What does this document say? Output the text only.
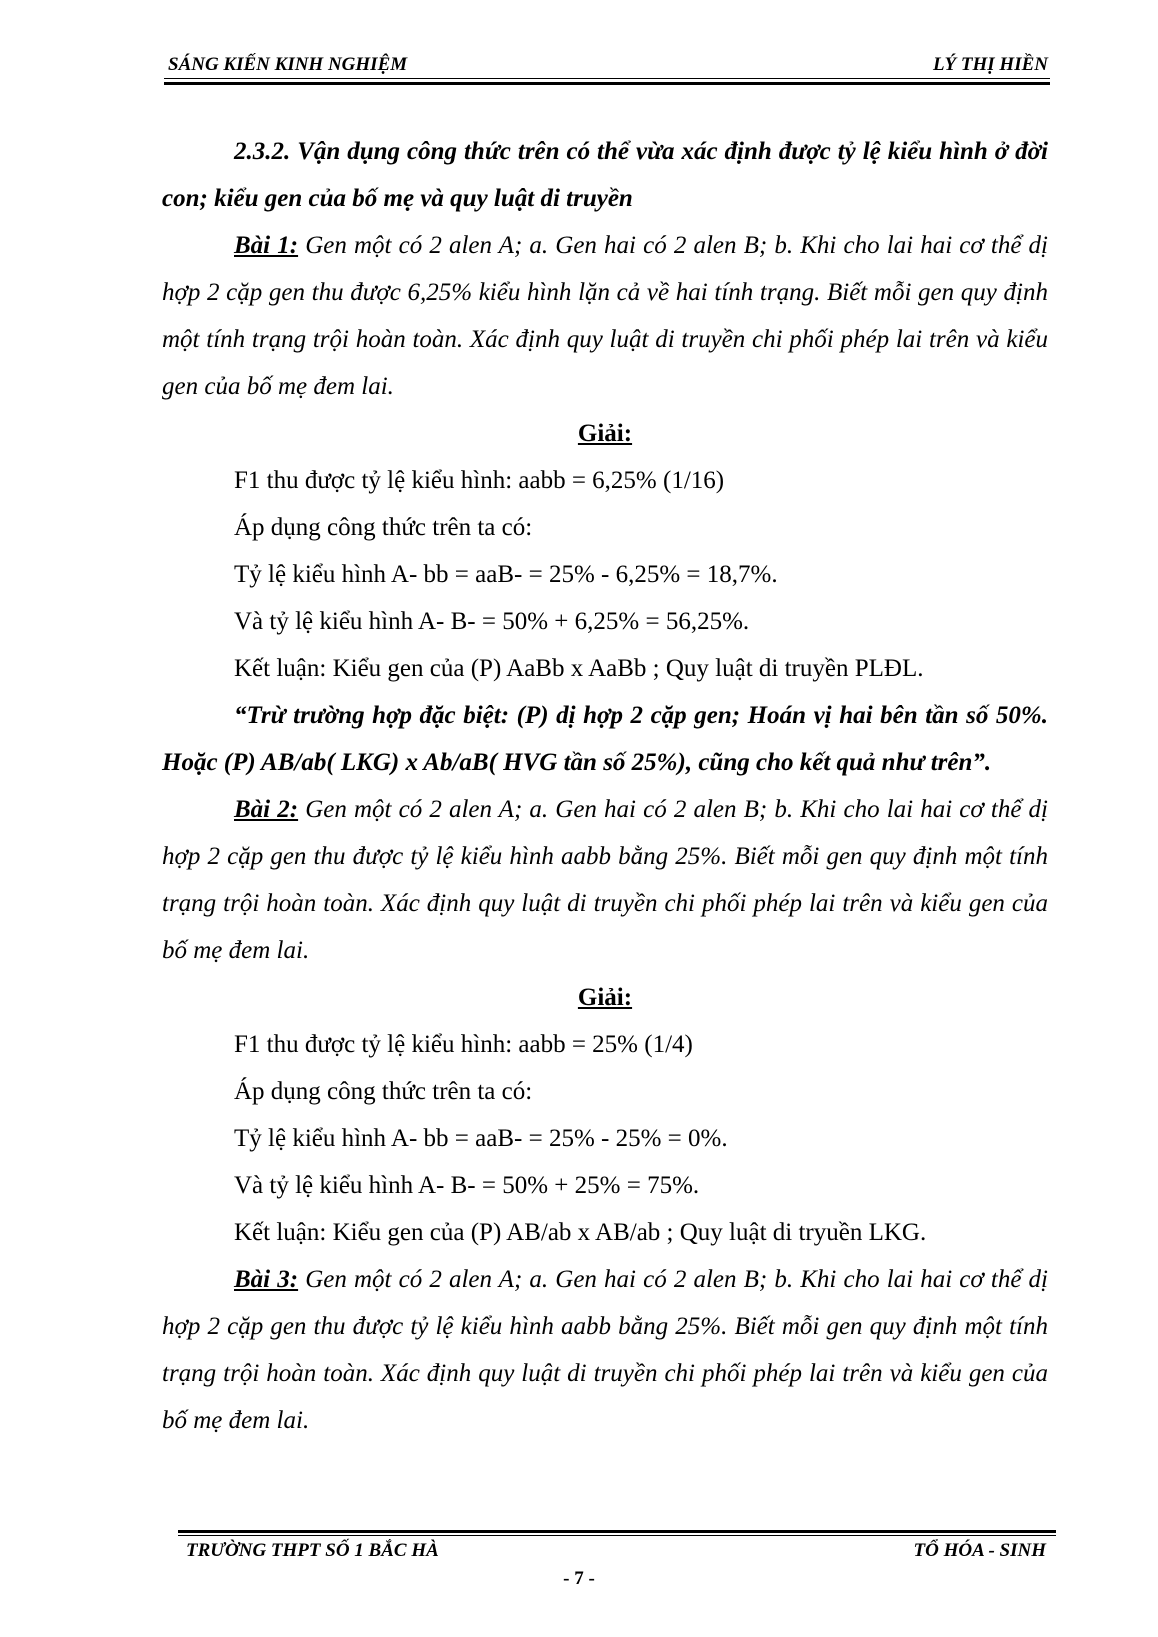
SÁNG KIẾN KINH NGHIỆM	LÝ THỊ HIỀN

2.3.2. Vận dụng công thức trên có thể vừa xác định được tỷ lệ kiểu hình ở đời con; kiểu gen của bố mẹ và quy luật di truyền

Bài 1: Gen một có 2 alen A; a. Gen hai có 2 alen B; b. Khi cho lai hai cơ thể dị hợp 2 cặp gen thu được 6,25% kiểu hình lặn cả về hai tính trạng. Biết mỗi gen quy định một tính trạng trội hoàn toàn. Xác định quy luật di truyền chi phối phép lai trên và kiểu gen của bố mẹ đem lai.

Giải:

F1 thu được tỷ lệ kiểu hình: aabb = 6,25% (1/16)

Áp dụng công thức trên ta có:

Tỷ lệ kiểu hình A- bb = aaB- = 25% - 6,25% = 18,7%.

Và tỷ lệ kiểu hình A- B- = 50% + 6,25% = 56,25%.

Kết luận: Kiểu gen của (P) AaBb x AaBb ; Quy luật di truyền PLĐL.

“Trừ trường hợp đặc biệt: (P) dị hợp 2 cặp gen; Hoán vị hai bên tần số 50%. Hoặc (P) AB/ab( LKG) x Ab/aB( HVG tần số 25%), cũng cho kết quả như trên”.

Bài 2: Gen một có 2 alen A; a. Gen hai có 2 alen B; b. Khi cho lai hai cơ thể dị hợp 2 cặp gen thu được tỷ lệ kiểu hình aabb bằng 25%. Biết mỗi gen quy định một tính trạng trội hoàn toàn. Xác định quy luật di truyền chi phối phép lai trên và kiểu gen của bố mẹ đem lai.

Giải:

F1 thu được tỷ lệ kiểu hình: aabb = 25% (1/4)

Áp dụng công thức trên ta có:

Tỷ lệ kiểu hình A- bb = aaB- = 25% - 25% = 0%.

Và tỷ lệ kiểu hình A- B- = 50% + 25% = 75%.

Kết luận: Kiểu gen của (P) AB/ab x AB/ab ; Quy luật di tryuền LKG.

Bài 3: Gen một có 2 alen A; a. Gen hai có 2 alen B; b. Khi cho lai hai cơ thể dị hợp 2 cặp gen thu được tỷ lệ kiểu hình aabb bằng 25%. Biết mỗi gen quy định một tính trạng trội hoàn toàn. Xác định quy luật di truyền chi phối phép lai trên và kiểu gen của bố mẹ đem lai.

TRƯỜNG THPT SỐ 1 BẮC HÀ	TỔ HÓA - SINH
- 7 -
